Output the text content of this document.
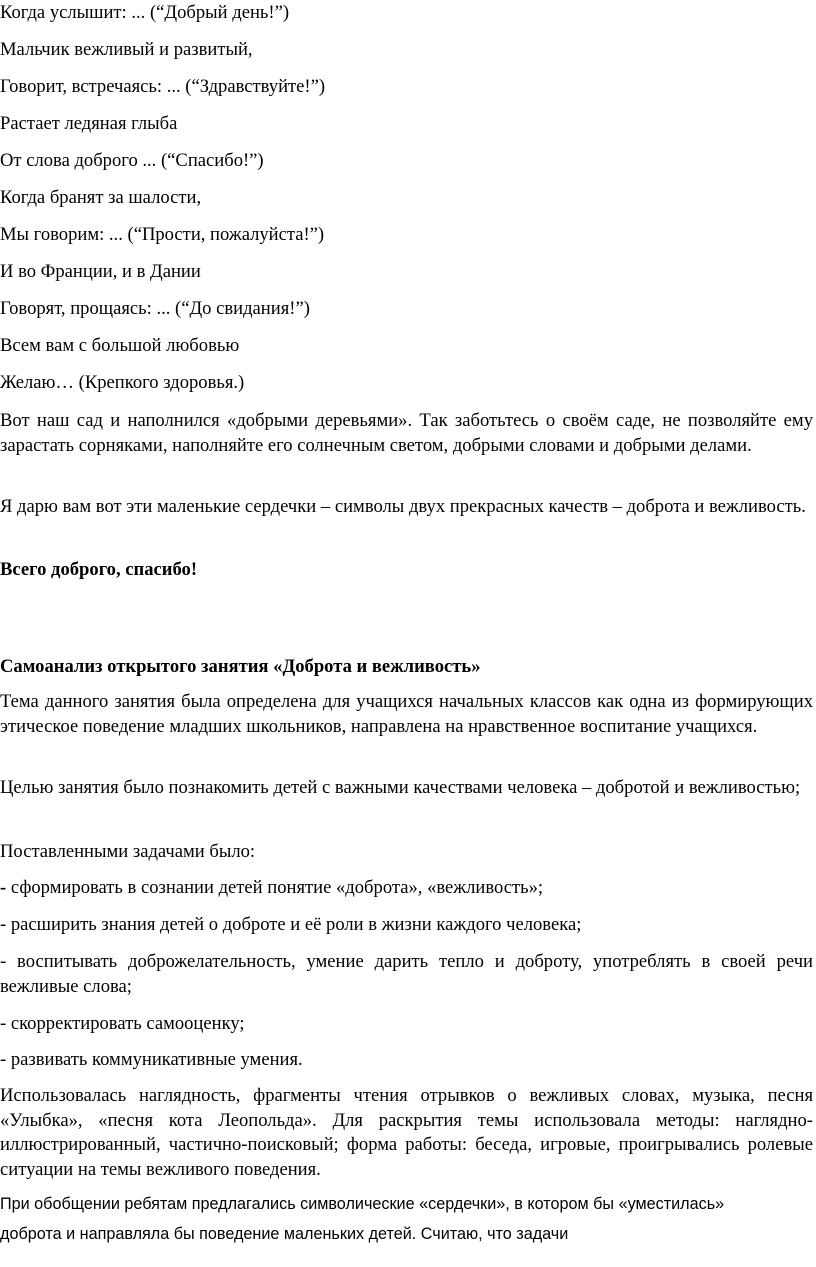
Когда услышит: ... (“Добрый день!”)
Мальчик вежливый и развитый,
Говорит, встречаясь: ... (“Здравствуйте!”)
Растает ледяная глыба
От слова доброго ... (“Спасибо!”)
Когда бранят за шалости,
Мы говорим: ... (“Прости, пожалуйста!”)
И во Франции, и в Дании
Говорят, прощаясь: ... (“До свидания!”)
Всем вам с большой любовью
Желаю… (Крепкого здоровья.)
Вот наш сад и наполнился «добрыми деревьями». Так заботьтесь о своём саде, не позволяйте ему зарастать сорняками, наполняйте его солнечным светом, добрыми словами и добрыми делами.
Я дарю вам вот эти маленькие сердечки – символы двух прекрасных качеств – доброта и вежливость.
Всего доброго, спасибо!
Самоанализ открытого занятия «Доброта и вежливость»
Тема данного занятия была определена для учащихся начальных классов как одна из формирующих этическое поведение младших школьников, направлена на нравственное воспитание учащихся.
Целью занятия было познакомить детей с важными качествами человека – добротой и вежливостью;
Поставленными задачами было:
- сформировать в сознании детей понятие «доброта», «вежливость»;
- расширить знания детей о доброте и её роли в жизни каждого человека;
- воспитывать доброжелательность, умение дарить тепло и доброту, употреблять в своей речи вежливые слова;
- скорректировать самооценку;
- развивать коммуникативные умения.
Использовалась наглядность, фрагменты чтения отрывков о вежливых словах, музыка, песня «Улыбка», «песня кота Леопольда». Для раскрытия темы использовала методы: наглядно-иллюстрированный, частично-поисковый; форма работы: беседа, игровые, проигрывались ролевые ситуации на темы вежливого поведения.
При обобщении ребятам предлагались символические «сердечки», в котором бы «уместилась»
доброта и направляла бы поведение маленьких детей. Считаю, что задачи
